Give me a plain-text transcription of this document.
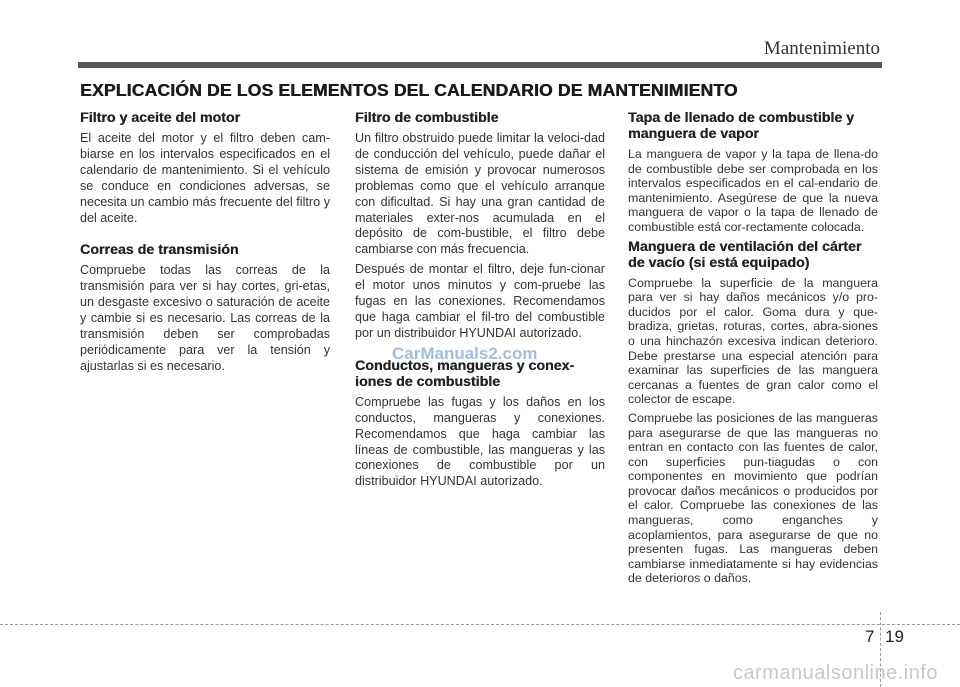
Mantenimiento
EXPLICACIÓN DE LOS ELEMENTOS DEL CALENDARIO DE MANTENIMIENTO
Filtro y aceite del motor

El aceite del motor y el filtro deben cam-biarse en los intervalos especificados en el calendario de mantenimiento. Si el vehículo se conduce en condiciones adversas, se necesita un cambio más frecuente del filtro y del aceite.

Correas de transmisión

Compruebe todas las correas de la transmisión para ver si hay cortes, gri-etas, un desgaste excesivo o saturación de aceite y cambie si es necesario. Las correas de la transmisión deben ser comprobadas periódicamente para ver la tensión y ajustarlas si es necesario.

Filtro de combustible

Un filtro obstruido puede limitar la veloci-dad de conducción del vehículo, puede dañar el sistema de emisión y provocar numerosos problemas como que el vehículo arranque con dificultad. Si hay una gran cantidad de materiales exter-nos acumulada en el depósito de com-bustible, el filtro debe cambiarse con más frecuencia.

Después de montar el filtro, deje fun-cionar el motor unos minutos y com-pruebe las fugas en las conexiones. Recomendamos que haga cambiar el fil-tro del combustible por un distribuidor HYUNDAI autorizado.

Conductos, mangueras y conex-iones de combustible

Compruebe las fugas y los daños en los conductos, mangueras y conexiones. Recomendamos que haga cambiar las líneas de combustible, las mangueras y las conexiones de combustible por un distribuidor HYUNDAI autorizado.

Tapa de llenado de combustible y manguera de vapor

La manguera de vapor y la tapa de llena-do de combustible debe ser comprobada en los intervalos especificados en el cal-endario de mantenimiento. Asegúrese de que la nueva manguera de vapor o la tapa de llenado de combustible está cor-rectamente colocada.

Manguera de ventilación del cárter de vacío (si está equipado)

Compruebe la superficie de la manguera para ver si hay daños mecánicos y/o pro-ducidos por el calor. Goma dura y que-bradiza, grietas, roturas, cortes, abra-siones o una hinchazón excesiva indican deterioro. Debe prestarse una especial atención para examinar las superficies de las manguera cercanas a fuentes de gran calor como el colector de escape.

Compruebe las posiciones de las mangueras para asegurarse de que las mangueras no entran en contacto con las fuentes de calor, con superficies pun-tiagudas o con componentes en movimiento que podrían provocar daños mecánicos o producidos por el calor. Compruebe las conexiones de las mangueras, como enganches y acoplamientos, para asegurarse de que no presenten fugas. Las mangueras deben cambiarse inmediatamente si hay evidencias de deterioros o daños.

CarManuals2.com
7 19
carmanualsonline.info
